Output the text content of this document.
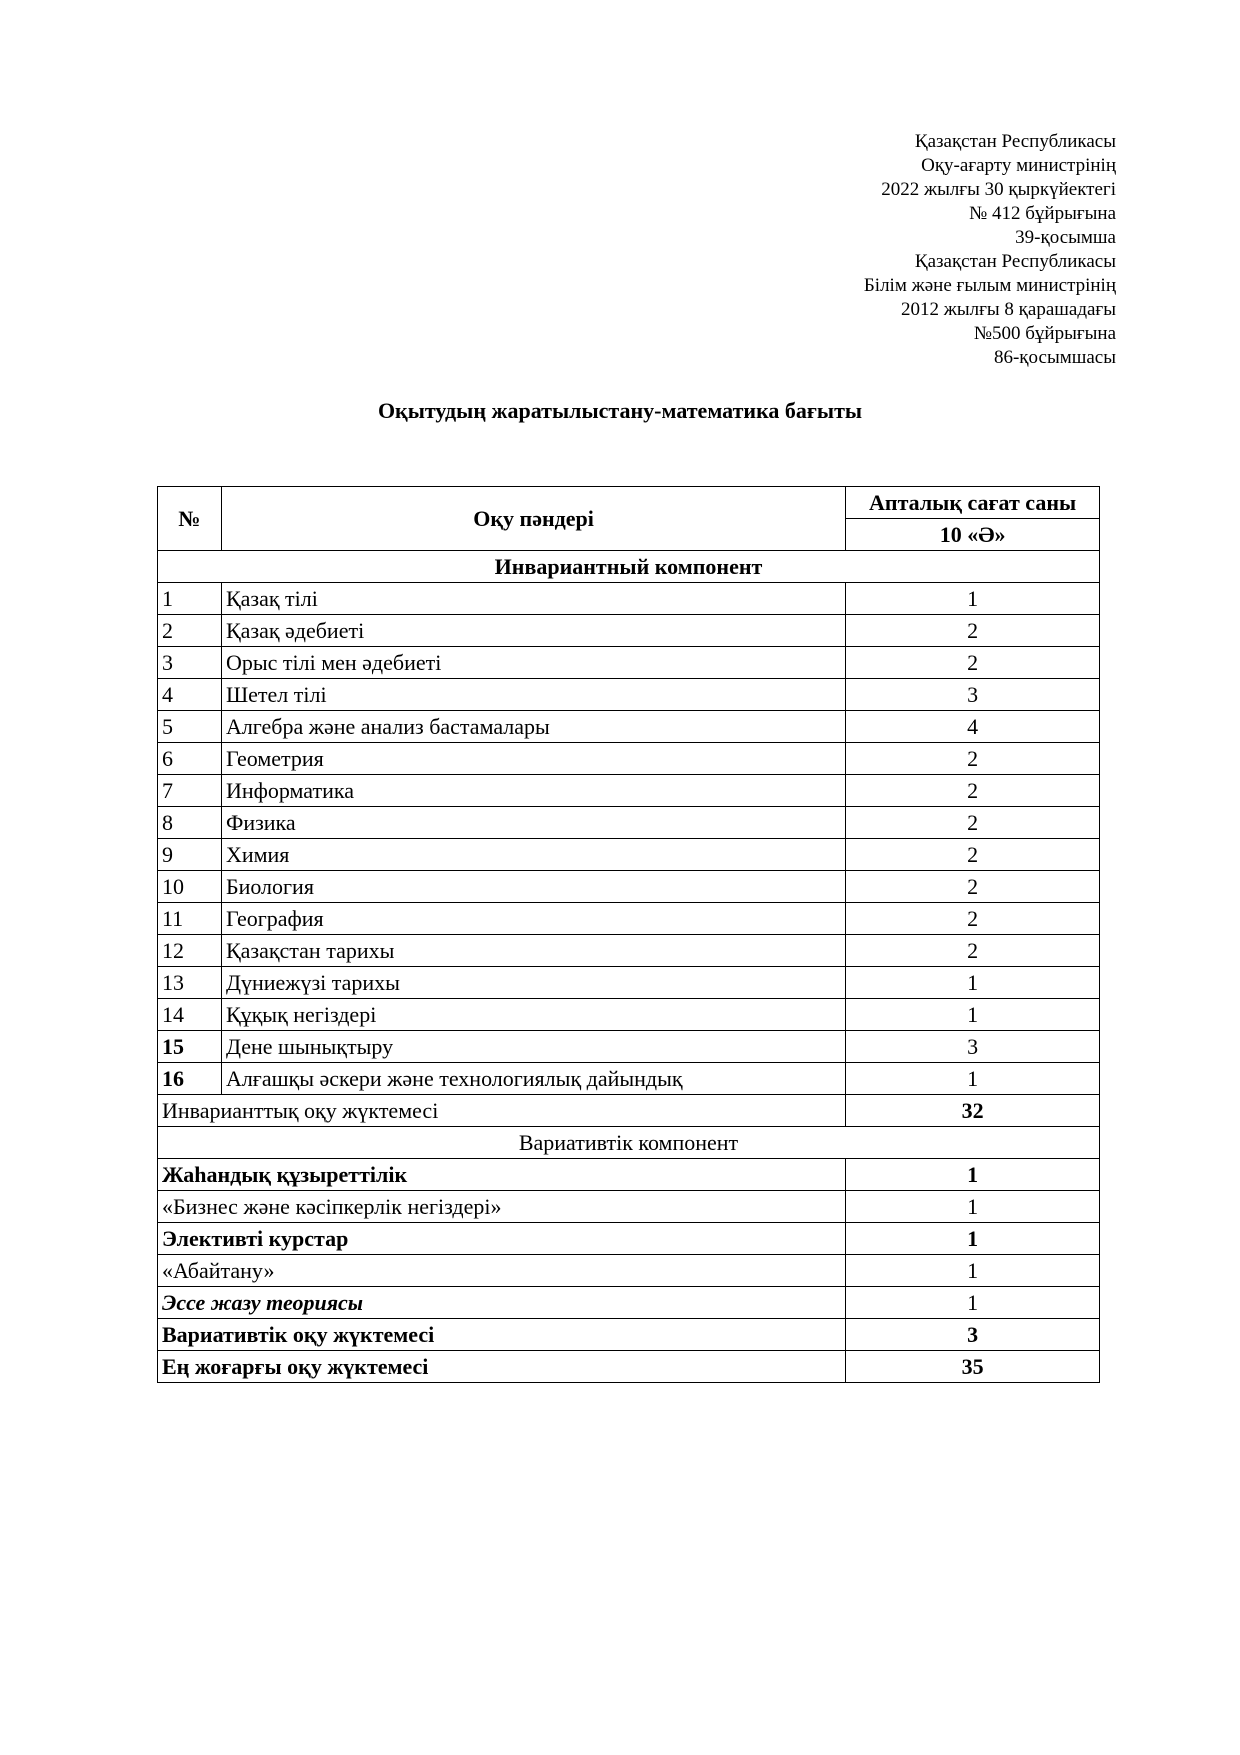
Қазақстан Республикасы
Оқу-ағарту министрінің
2022 жылғы 30 қыркүйектегі
№ 412 бұйрығына
39-қосымша
Қазақстан Республикасы
Білім және ғылым министрінің
2012 жылғы 8 қарашадағы
№500 бұйрығына
86-қосымшасы
Оқытудың жаратылыстану-математика бағыты
№	Оқу пәндері	Апталық сағат саны
		10 «Ә»
Инвариантный компонент		
1	Қазақ тілі	1
2	Қазақ әдебиеті	2
3	Орыс тілі мен әдебиеті	2
4	Шетел тілі	3
5	Алгебра және анализ бастамалары	4
6	Геометрия	2
7	Информатика	2
8	Физика	2
9	Химия	2
10	Биология	2
11	География	2
12	Қазақстан тарихы	2
13	Дүниежүзі тарихы	1
14	Құқық негіздері	1
15	Дене шынықтыру	3
16	Алғашқы әскери және технологиялық дайындық	1
Инварианттық оқу жүктемесі		32
Вариативтік компонент		
Жаһандық құзыреттілік		1
«Бизнес және кәсіпкерлік негіздері»		1
Элективті курстар		1
«Абайтану»		1
Эссе жазу теориясы		1
Вариативтік оқу жүктемесі		3
Ең жоғарғы оқу жүктемесі		35
